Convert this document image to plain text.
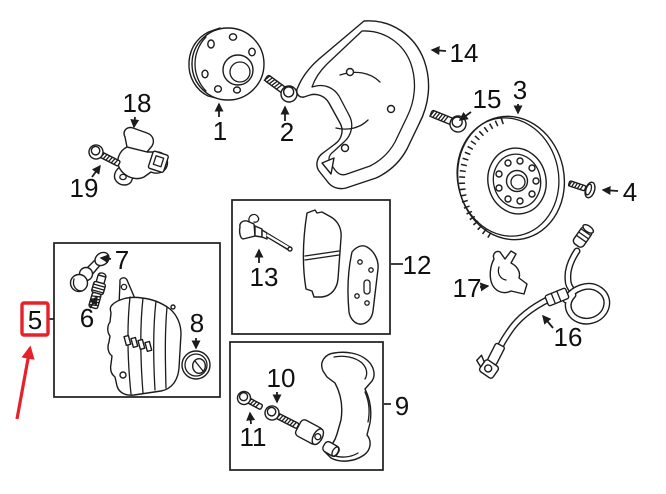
1 2
3
4
6
7
8
9
10
11
12
13
14
15
16
17
18
19
5
